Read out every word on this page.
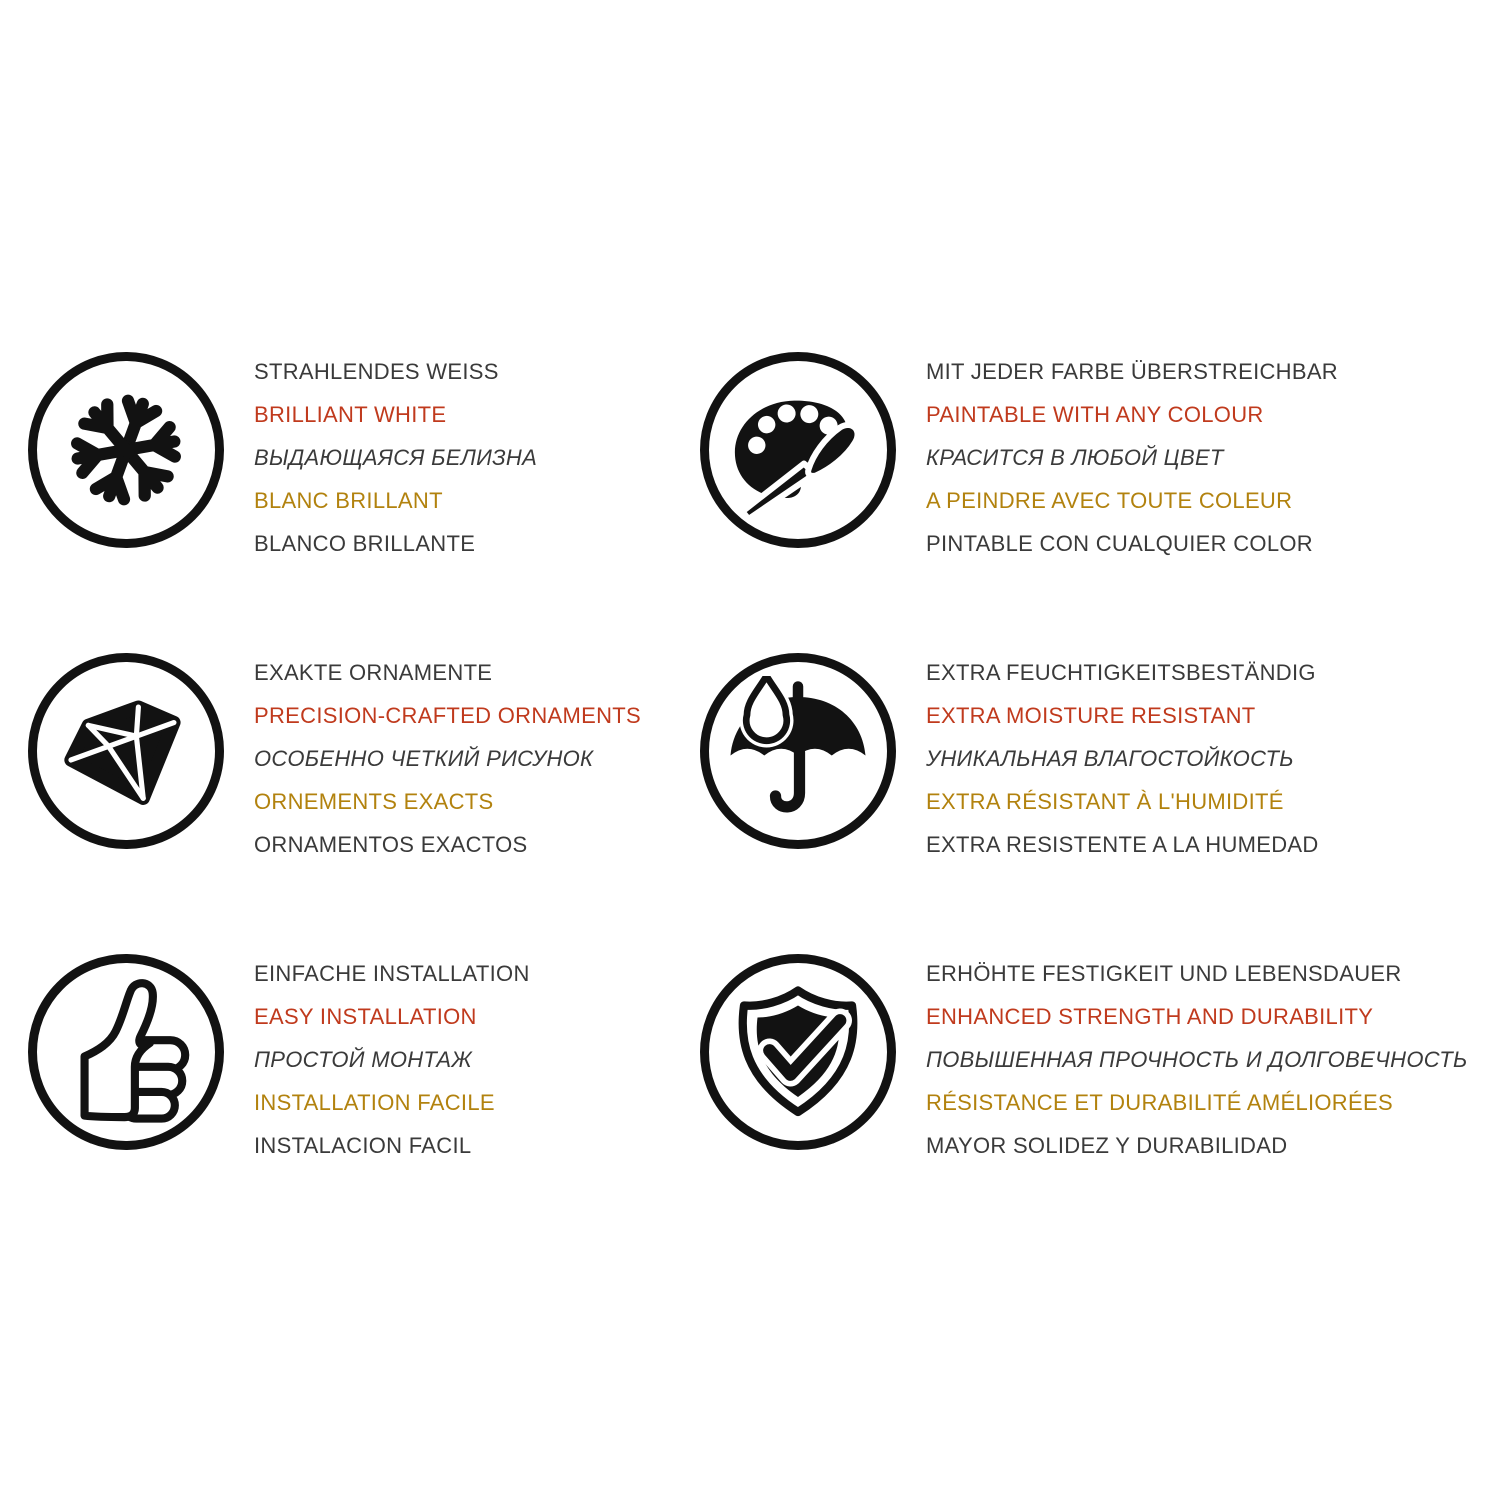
STRAHLENDES WEISS
BRILLIANT WHITE
ВЫДАЮЩАЯСЯ БЕЛИЗНА
BLANC BRILLANT
BLANCO BRILLANTE
MIT JEDER FARBE ÜBERSTREICHBAR
PAINTABLE WITH ANY COLOUR
КРАСИТСЯ В ЛЮБОЙ ЦВЕТ
A PEINDRE AVEC TOUTE COLEUR
PINTABLE CON CUALQUIER COLOR
EXAKTE ORNAMENTE
PRECISION-CRAFTED ORNAMENTS
ОСОБЕННО ЧЕТКИЙ РИСУНОК
ORNEMENTS EXACTS
ORNAMENTOS EXACTOS
EXTRA FEUCHTIGKEITSBESTÄNDIG
EXTRA MOISTURE RESISTANT
УНИКАЛЬНАЯ ВЛАГОСТОЙКОСТЬ
EXTRA RÉSISTANT À L'HUMIDITÉ
EXTRA RESISTENTE A LA HUMEDAD
EINFACHE INSTALLATION
EASY INSTALLATION
ПРОСТОЙ МОНТАЖ
INSTALLATION FACILE
INSTALACION FACIL
ERHÖHTE FESTIGKEIT UND LEBENSDAUER
ENHANCED STRENGTH AND DURABILITY
ПОВЫШЕННАЯ ПРОЧНОСТЬ И ДОЛГОВЕЧНОСТЬ
RÉSISTANCE ET DURABILITÉ AMÉLIORÉES
MAYOR SOLIDEZ Y DURABILIDAD
